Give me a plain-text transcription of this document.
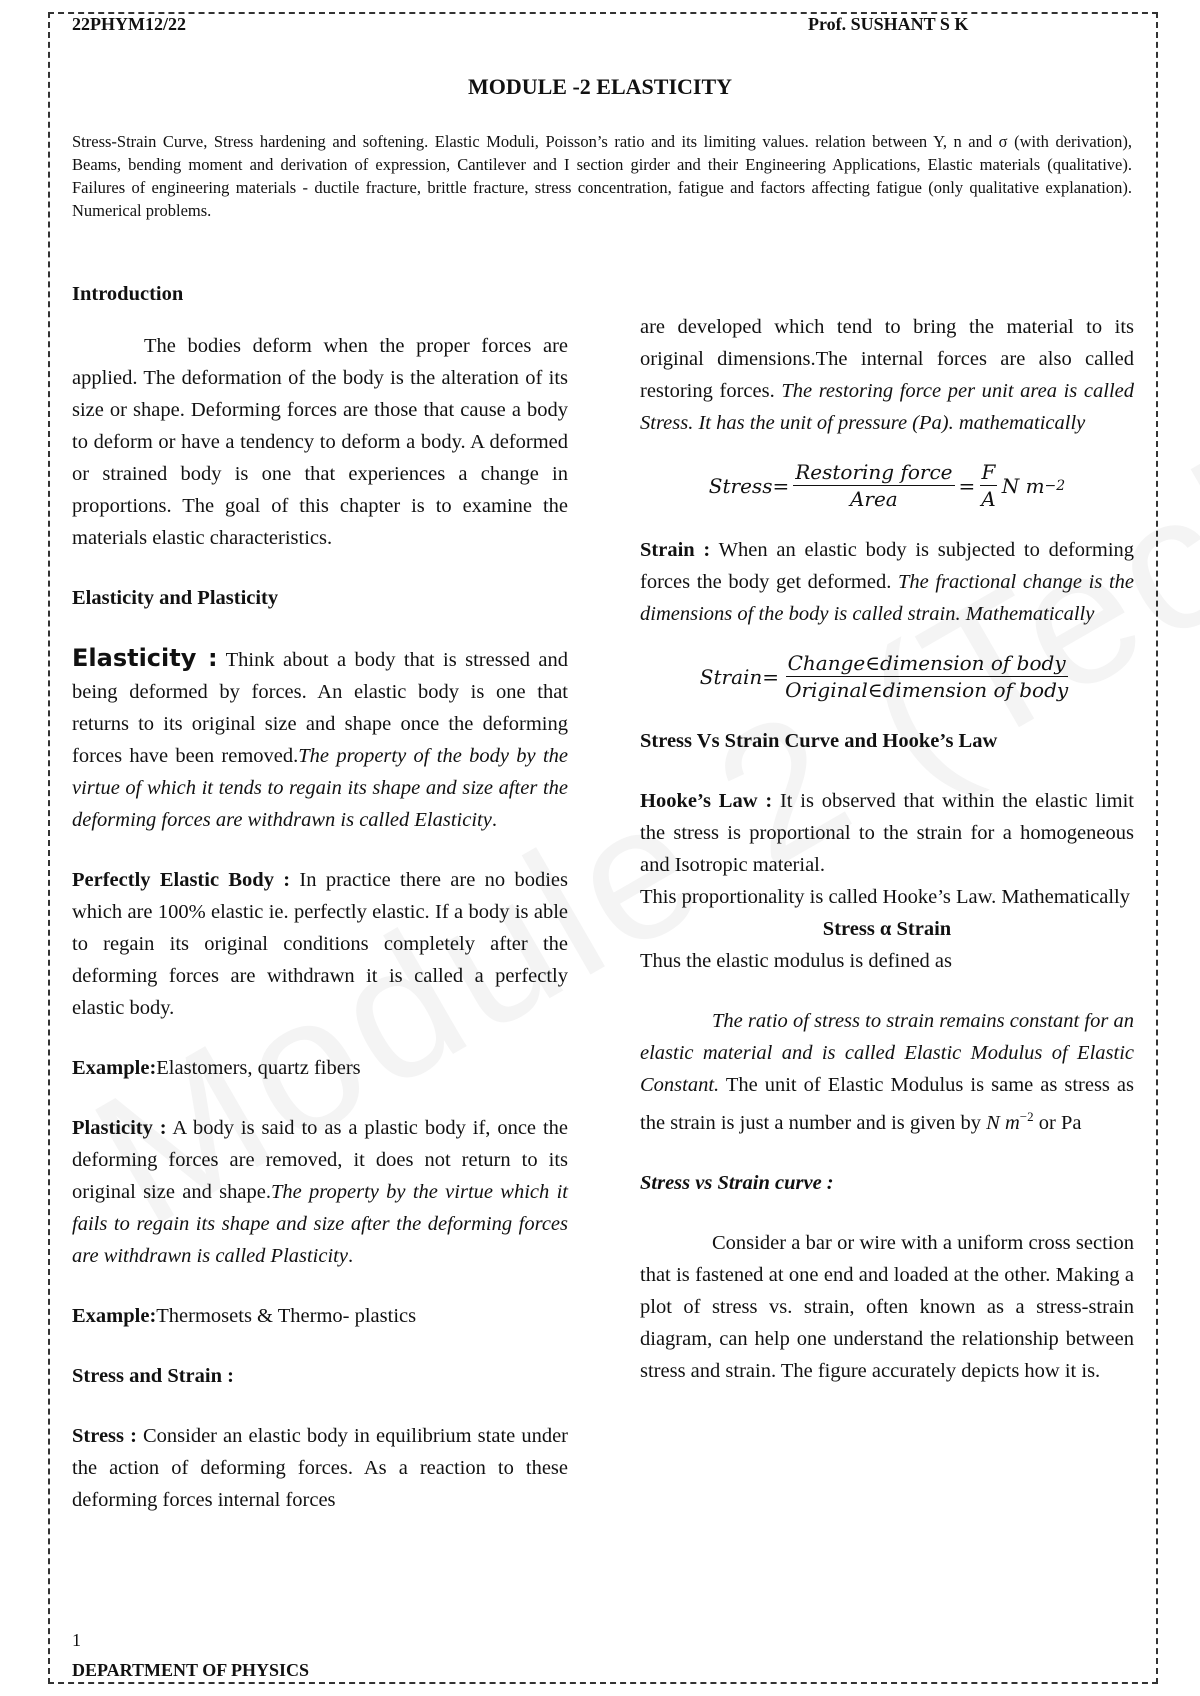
22PHYM12/22	Prof. SUSHANT S K
MODULE -2 ELASTICITY
Stress-Strain Curve, Stress hardening and softening. Elastic Moduli, Poisson’s ratio and its limiting values. relation between Y, n and σ (with derivation), Beams, bending moment and derivation of expression, Cantilever and I section girder and their Engineering Applications, Elastic materials (qualitative). Failures of engineering materials - ductile fracture, brittle fracture, stress concentration, fatigue and factors affecting fatigue (only qualitative explanation). Numerical problems.

Introduction

The bodies deform when the proper forces are applied. The deformation of the body is the alteration of its size or shape. Deforming forces are those that cause a body to deform or have a tendency to deform a body. A deformed or strained body is one that experiences a change in proportions. The goal of this chapter is to examine the materials elastic characteristics.

Elasticity and Plasticity

Elasticity : Think about a body that is stressed and being deformed by forces. An elastic body is one that returns to its original size and shape once the deforming forces have been removed.The property of the body by the virtue of which it tends to regain its shape and size after the deforming forces are withdrawn is called Elasticity.

Perfectly Elastic Body : In practice there are no bodies which are 100% elastic ie. perfectly elastic. If a body is able to regain its original conditions completely after the deforming forces are withdrawn it is called a perfectly elastic body.

Example:Elastomers, quartz fibers

Plasticity : A body is said to as a plastic body if, once the deforming forces are removed, it does not return to its original size and shape.The property by the virtue which it fails to regain its shape and size after the deforming forces are withdrawn is called Plasticity.

Example:Thermosets & Thermo- plastics

Stress and Strain :

Stress : Consider an elastic body in equilibrium state under the action of deforming forces. As a reaction to these deforming forces internal forces

are developed which tend to bring the material to its original dimensions.The internal forces are also called restoring forces. The restoring force per unit area is called Stress. It has the unit of pressure (Pa). mathematically

Stress= $\frac{\text{Restoring force}}{\text{Area}} = \frac{F}{A}$ N m −2

Strain : When an elastic body is subjected to deforming forces the body get deformed. The fractional change is the dimensions of the body is called strain. Mathematically

Strain= $\frac{\text{Change∈dimension of body}}{\text{Original∈dimension of body}}$

Stress Vs Strain Curve and Hooke’s Law

Hooke’s Law : It is observed that within the elastic limit the stress is proportional to the strain for a homogeneous and Isotropic material.

This proportionality is called Hooke’s Law. Mathematically

Stress α Strain

Thus the elastic modulus is defined as

The ratio of stress to strain remains constant for an elastic material and is called Elastic Modulus of Elastic Constant. The unit of Elastic Modulus is same as stress as the strain is just a number and is given by N $m^{-2}$ or Pa

Stress vs Strain curve :

Consider a bar or wire with a uniform cross section that is fastened at one end and loaded at the other. Making a plot of stress vs. strain, often known as a stress-strain diagram, can help one understand the relationship between stress and strain. The figure accurately depicts how it is.

1
DEPARTMENT OF PHYSICS
